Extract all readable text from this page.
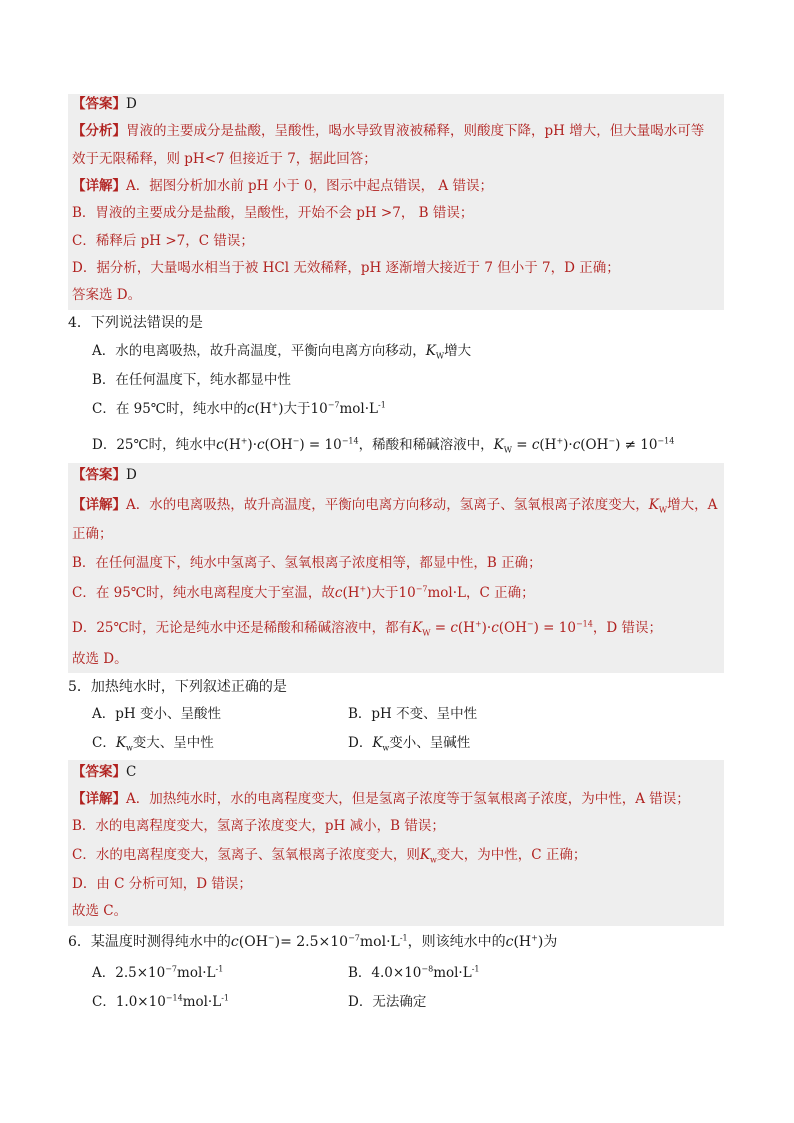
【答案】D
【分析】胃液的主要成分是盐酸，呈酸性，喝水导致胃液被稀释，则酸度下降，pH 增大，但大量喝水可等
效于无限稀释，则 pH<7 但接近于 7，据此回答；
【详解】A．据图分析加水前 pH 小于 0，图示中起点错误， A 错误；
B．胃液的主要成分是盐酸，呈酸性，开始不会 pH >7， B 错误；
C．稀释后 pH >7，C 错误；
D．据分析，大量喝水相当于被 HCl 无效稀释，pH 逐渐增大接近于 7 但小于 7，D 正确；
答案选 D。
4．下列说法错误的是
A．水的电离吸热，故升高温度，平衡向电离方向移动，$K_W$增大
B．在任何温度下，纯水都显中性
C．在 95℃时，纯水中的c(H+)大于$10^{-7}mol\cdot L^{-1}$
D．25℃时，纯水中$c(H^+)\cdot c(OH^-) = 10^{-14}$，稀酸和稀碱溶液中，$K_W = c(H^+)\cdot c(OH^-) \ne 10^{-14}$
【答案】D
【详解】A．水的电离吸热，故升高温度，平衡向电离方向移动，氢离子、氢氧根离子浓度变大，$K_W$增大，A
正确；
B．在任何温度下，纯水中氢离子、氢氧根离子浓度相等，都显中性，B 正确；
C．在 95℃时，纯水电离程度大于室温，故c(H+)大于$10^{-7}mol\cdot L$，C 正确；
D．25℃时，无论是纯水中还是稀酸和稀碱溶液中，都有$K_W = c(H^+)\cdot c(OH^-) = 10^{-14}$，D 错误；
故选 D。
5．加热纯水时，下列叙述正确的是
A．pH 变小、呈酸性	B．pH 不变、呈中性
C．$K_w$变大、呈中性	D．$K_w$变小、呈碱性
【答案】C
【详解】A．加热纯水时，水的电离程度变大，但是氢离子浓度等于氢氧根离子浓度，为中性，A 错误；
B．水的电离程度变大，氢离子浓度变大，pH 减小，B 错误；
C．水的电离程度变大，氢离子、氢氧根离子浓度变大，则$K_w$变大，为中性，C 正确；
D．由 C 分析可知，D 错误；
故选 C。
6．某温度时测得纯水中的$c(OH^-)= 2.5\times 10^{-7}mol\cdot L^{-1}$，则该纯水中的c(H+)为
A．$2.5\times 10^{-7}mol\cdot L^{-1}$	B．$4.0\times 10^{-8}mol\cdot L^{-1}$
C．$1.0\times 10^{-14}mol\cdot L^{-1}$	D．无法确定
